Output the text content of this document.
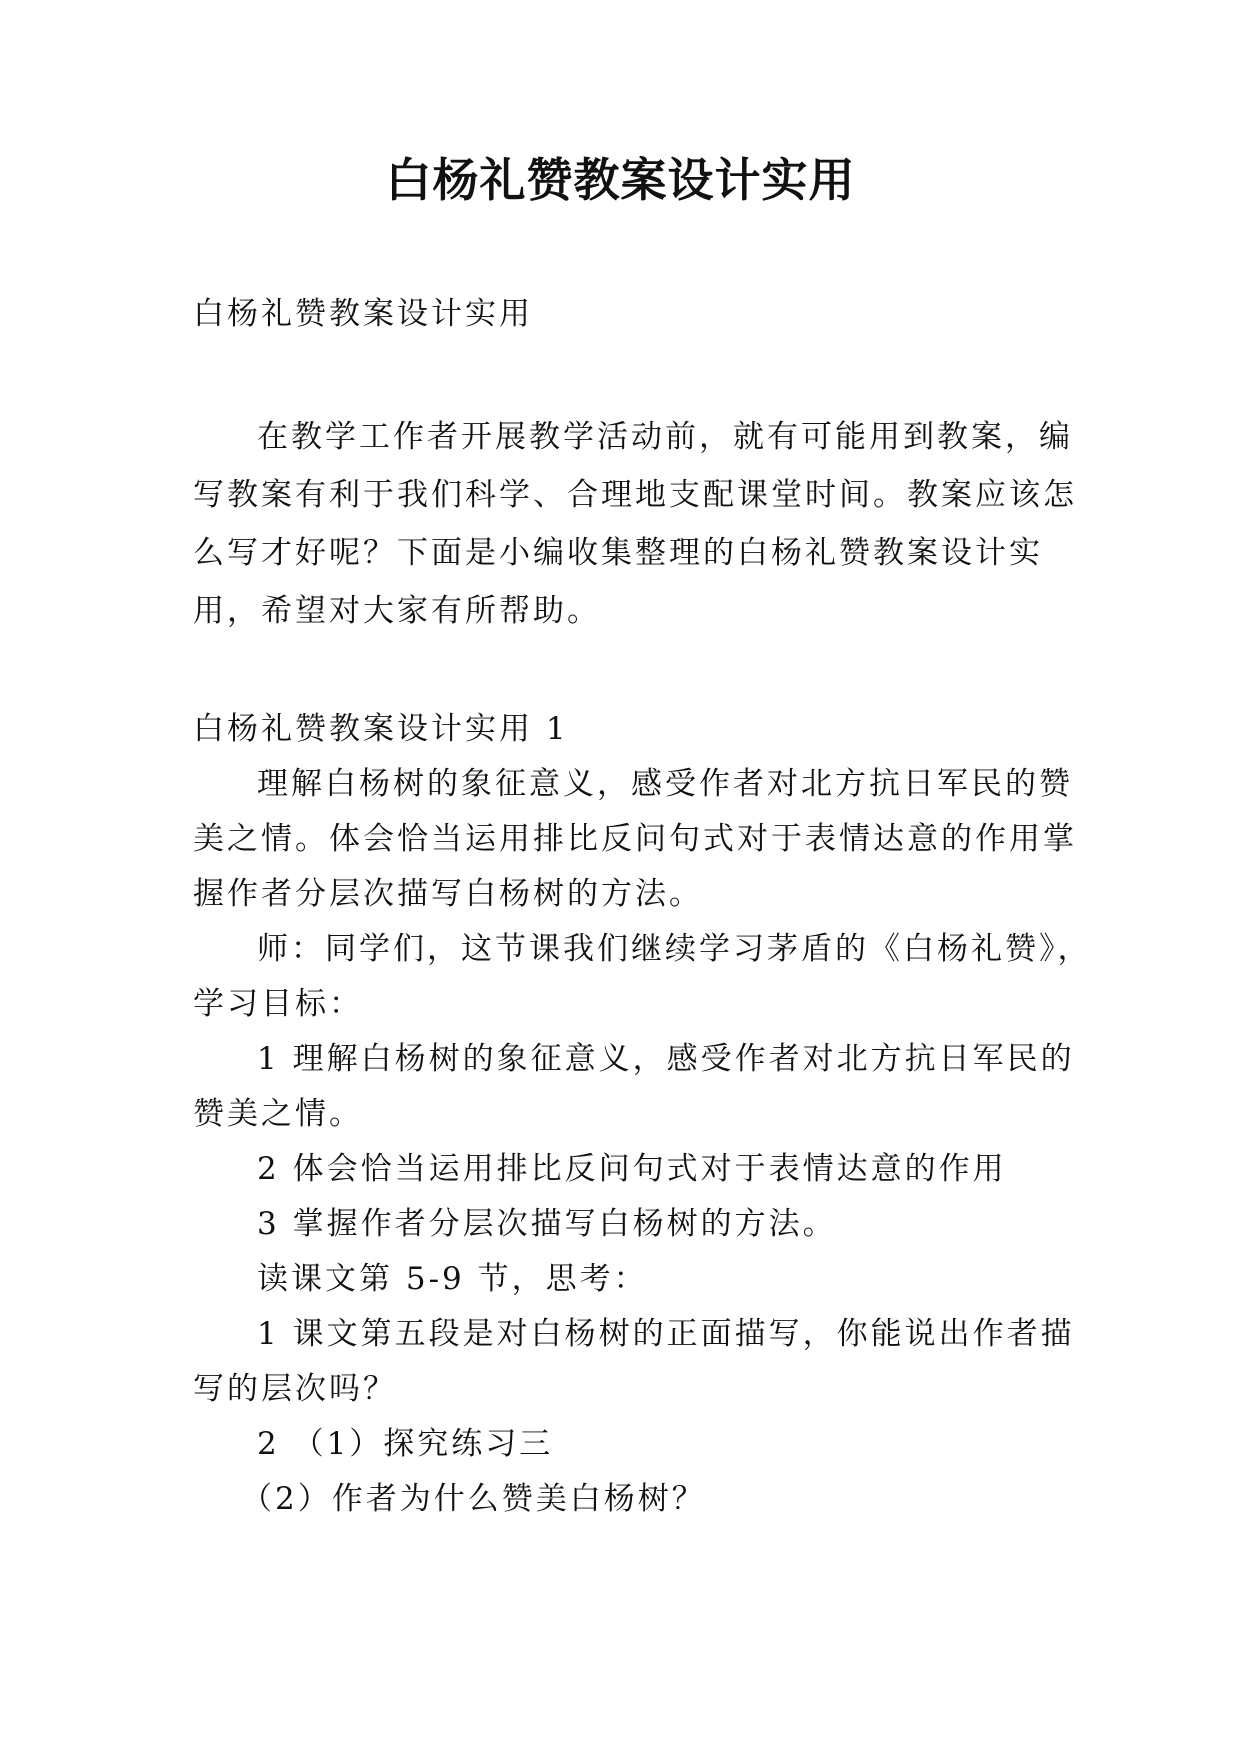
白杨礼赞教案设计实用

白杨礼赞教案设计实用

在教学工作者开展教学活动前，就有可能用到教案，编
写教案有利于我们科学、合理地支配课堂时间。教案应该怎
么写才好呢？下面是小编收集整理的白杨礼赞教案设计实
用，希望对大家有所帮助。
白杨礼赞教案设计实用 1
理解白杨树的象征意义，感受作者对北方抗日军民的赞
美之情。体会恰当运用排比反问句式对于表情达意的作用掌
握作者分层次描写白杨树的方法。
师：同学们，这节课我们继续学习茅盾的《白杨礼赞》，
学习目标：
1 理解白杨树的象征意义，感受作者对北方抗日军民的
赞美之情。
2 体会恰当运用排比反问句式对于表情达意的作用
3 掌握作者分层次描写白杨树的方法。
读课文第 5-9 节，思考：
1 课文第五段是对白杨树的正面描写，你能说出作者描
写的层次吗？
2 （1）探究练习三
（2）作者为什么赞美白杨树？
